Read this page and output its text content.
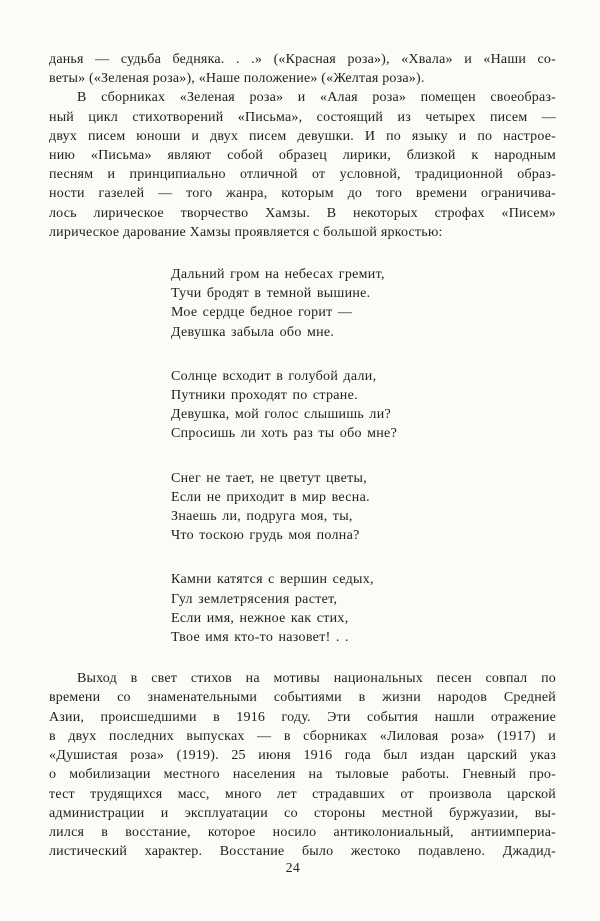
данья — судьба бедняка. . .» («Красная роза»), «Хвала» и «Наши со-
веты» («Зеленая роза»), «Наше положение» («Желтая роза»).
В сборниках «Зеленая роза» и «Алая роза» помещен своеобраз-
ный цикл стихотворений «Письма», состоящий из четырех писем —
двух писем юноши и двух писем девушки. И по языку и по настрое-
нию «Письма» являют собой образец лирики, близкой к народным
песням и принципиально отличной от условной, традиционной образ-
ности газелей — того жанра, которым до того времени ограничива-
лось лирическое творчество Хамзы. В некоторых строфах «Писем»
лирическое дарование Хамзы проявляется с большой яркостью:
Дальний гром на небесах гремит,
Тучи бродят в темной вышине.
Мое сердце бедное горит —
Девушка забыла обо мне.
Солнце всходит в голубой дали,
Путники проходят по стране.
Девушка, мой голос слышишь ли?
Спросишь ли хоть раз ты обо мне?
Снег не тает, не цветут цветы,
Если не приходит в мир весна.
Знаешь ли, подруга моя, ты,
Что тоскою грудь моя полна?
Камни катятся с вершин седых,
Гул землетрясения растет,
Если имя, нежное как стих,
Твое имя кто-то назовет! . .
Выход в свет стихов на мотивы национальных песен совпал по
времени со знаменательными событиями в жизни народов Средней
Азии, происшедшими в 1916 году. Эти события нашли отражение
в двух последних выпусках — в сборниках «Лиловая роза» (1917) и
«Душистая роза» (1919). 25 июня 1916 года был издан царский указ
о мобилизации местного населения на тыловые работы. Гневный про-
тест трудящихся масс, много лет страдавших от произвола царской
администрации и эксплуатации со стороны местной буржуазии, вы-
лился в восстание, которое носило антиколониальный, антиимпериа-
листический характер. Восстание было жестоко подавлено. Джадид-
24
